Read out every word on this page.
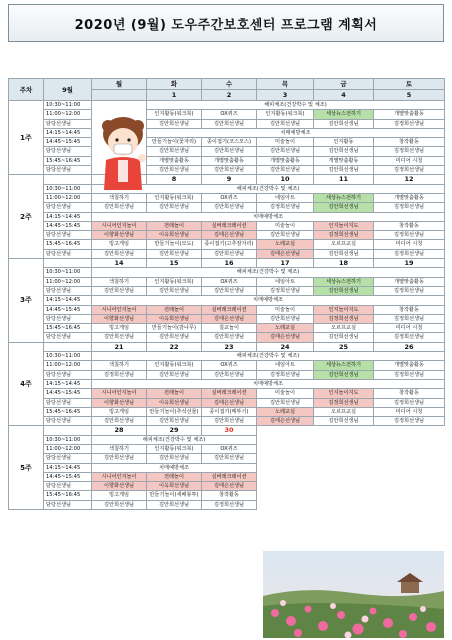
2020년 (9월) 도우주간보호센터 프로그램 계획서
주차	9월	월	화	수	목	금	토
			1	2	3	4	5
1주	10:30~11:00		해피체조(건강박수 및 체조)				
	11:00~12:00		인지활동(워크북)	OX퀴즈	인지활동(워크북)	세상뉴스전하기	개별맞춤활동
	담당선생님		김안희선생님	김안희선생님	김안희선생님	김안희선생님	김정희선생님
	14:15~14:45		치매예방체조				
	14:45~15:45		만들기놀이(꽃자리)	종이접기(코스모스)	미술놀이	인지활동	창작활동
	담당선생님		김안희선생님	김안희선생님	김안희선생님	김안희선생님	김정희선생님
	15:45~16:45		개별맞춤활동	개별맞춤활동	개별맞춤활동	개별맞춤활동	미디어 시청
	담당선생님		김안희선생님	김안희선생님	김안희선생님	김안희선생님	김정희선생님
2주			8	9	10	11	12
	10:30~11:00	해피체조(건강박수 및 체조)					
	11:00~12:00	색칠하기	인지활동(워크북)	OX퀴즈	네임아트	세상뉴스전하기	개별맞춤활동
	담당선생님	김안희선생님	김안희선생님	김안희선생님	김정희선생님	김안희선생님	김정희선생님
	14:15~14:45	치매예방체조					
	14:45~15:45	시니어인지놀이	전래놀이	실버레크레이션	미술놀이	인지놀이지도	창작활동
	담당선생님	이향화선생님	이옥희선생님	김태은선생님	김안희선생님	김정희선생님	김정희선생님
	15:45~16:45	빙고게임	만들기놀이(모도)	종이접기(고추잠자리)	노래교실	오르프교실	미디어 시청
	담당선생님	김안희선생님	김안희선생님	김안희선생님	김태은선생님	김안희선생님	김정희선생님
3주		14	15	16	17	18	19
	10:30~11:00	해피체조(건강박수 및 체조)					
	11:00~12:00	색칠하기	인지활동(워크북)	OX퀴즈	네임아트	세상뉴스전하기	개별맞춤활동
	담당선생님	김안희선생님	김안희선생님	김안희선생님	김정희선생님	김안희선생님	김정희선생님
	14:15~14:45	치매예방체조					
	14:45~15:45	시니어인지놀이	전래놀이	실버레크레이션	미술놀이	인지놀이지도	창작활동
	담당선생님	이향화선생님	이옥희선생님	김태은선생님	김안희선생님	김정희선생님	김정희선생님
	15:45~16:45	빙고게임	만들기놀이(감나무)	칠교놀이	노래교실	오르프교실	미디어 시청
	담당선생님	김안희선생님	김안희선생님	김안희선생님	김태은선생님	김안희선생님	김정희선생님
4주		21	22	23	24	25	26
	10:30~11:00	해피체조(건강박수 및 체조)					
	11:00~12:00	색칠하기	인지활동(워크북)	OX퀴즈	네임아트	세상뉴스전하기	개별맞춤활동
	담당선생님	김정희선생님	김안희선생님	김안희선생님	김정희선생님	김안희선생님	김정희선생님
	14:15~14:45	치매예방체조					
	14:45~15:45	시니어인지놀이	전래놀이	실버레크레이션	미술놀이	인지놀이지도	창작활동
	담당선생님	이향화선생님	이옥희선생님	김태은선생님	김안희선생님	김정희선생님	김정희선생님
	15:45~16:45	빙고게임	만들기놀이(추석선물)	종이접기(메뚜기)	노래교실	오르프교실	미디어 시청
	담당선생님	김안희선생님	김안희선생님	김안희선생님	김태은선생님	김안희선생님	김정희선생님
5주		28	29	30			
	10:30~11:00	해피체조(건강박수 및 체조)					
	11:00~12:00	색칠하기	인지활동(워크북)	OX퀴즈			
	담당선생님	김안희선생님	김안희선생님	김안희선생님			
	14:15~14:45	치매예방체조					
	14:45~15:45	시니어인지놀이	전래놀이	실버레크레이션			
	담당선생님	이향화선생님	이옥희선생님	김태은선생님			
	15:45~16:45	빙고게임	만들기놀이(새배봉투)	창작활동			
	담당선생님	김안희선생님	김안희선생님	김정희선생님			
